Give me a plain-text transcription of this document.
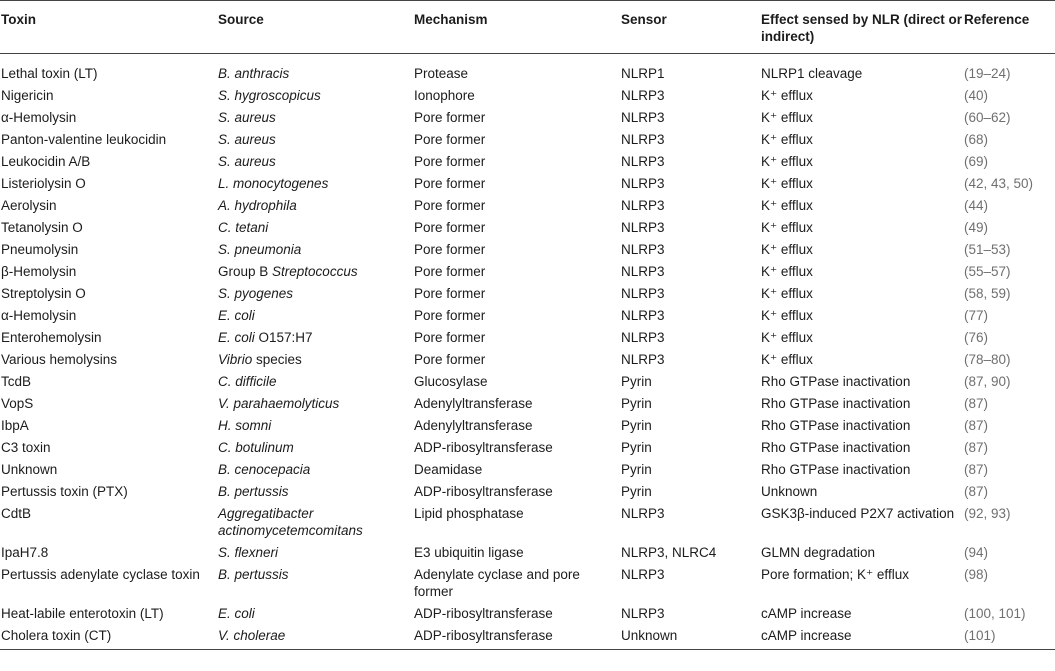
Toxin	Source	Mechanism	Sensor	Effect sensed by NLR (direct or indirect)	Reference
Lethal toxin (LT)	B. anthracis	Protease	NLRP1	NLRP1 cleavage	(19–24)
Nigericin	S. hygroscopicus	Ionophore	NLRP3	K⁺ efflux	(40)
α-Hemolysin	S. aureus	Pore former	NLRP3	K⁺ efflux	(60–62)
Panton-valentine leukocidin	S. aureus	Pore former	NLRP3	K⁺ efflux	(68)
Leukocidin A/B	S. aureus	Pore former	NLRP3	K⁺ efflux	(69)
Listeriolysin O	L. monocytogenes	Pore former	NLRP3	K⁺ efflux	(42, 43, 50)
Aerolysin	A. hydrophila	Pore former	NLRP3	K⁺ efflux	(44)
Tetanolysin O	C. tetani	Pore former	NLRP3	K⁺ efflux	(49)
Pneumolysin	S. pneumonia	Pore former	NLRP3	K⁺ efflux	(51–53)
β-Hemolysin	Group B Streptococcus	Pore former	NLRP3	K⁺ efflux	(55–57)
Streptolysin O	S. pyogenes	Pore former	NLRP3	K⁺ efflux	(58, 59)
α-Hemolysin	E. coli	Pore former	NLRP3	K⁺ efflux	(77)
Enterohemolysin	E. coli O157:H7	Pore former	NLRP3	K⁺ efflux	(76)
Various hemolysins	Vibrio species	Pore former	NLRP3	K⁺ efflux	(78–80)
TcdB	C. difficile	Glucosylase	Pyrin	Rho GTPase inactivation	(87, 90)
VopS	V. parahaemolyticus	Adenylyltransferase	Pyrin	Rho GTPase inactivation	(87)
IbpA	H. somni	Adenylyltransferase	Pyrin	Rho GTPase inactivation	(87)
C3 toxin	C. botulinum	ADP-ribosyltransferase	Pyrin	Rho GTPase inactivation	(87)
Unknown	B. cenocepacia	Deamidase	Pyrin	Rho GTPase inactivation	(87)
Pertussis toxin (PTX)	B. pertussis	ADP-ribosyltransferase	Pyrin	Unknown	(87)
CdtB	Aggregatibacter actinomycetemcomitans	Lipid phosphatase	NLRP3	GSK3β-induced P2X7 activation	(92, 93)
IpaH7.8	S. flexneri	E3 ubiquitin ligase	NLRP3, NLRC4	GLMN degradation	(94)
Pertussis adenylate cyclase toxin	B. pertussis	Adenylate cyclase and pore former	NLRP3	Pore formation; K⁺ efflux	(98)
Heat-labile enterotoxin (LT)	E. coli	ADP-ribosyltransferase	NLRP3	cAMP increase	(100, 101)
Cholera toxin (CT)	V. cholerae	ADP-ribosyltransferase	Unknown	cAMP increase	(101)
